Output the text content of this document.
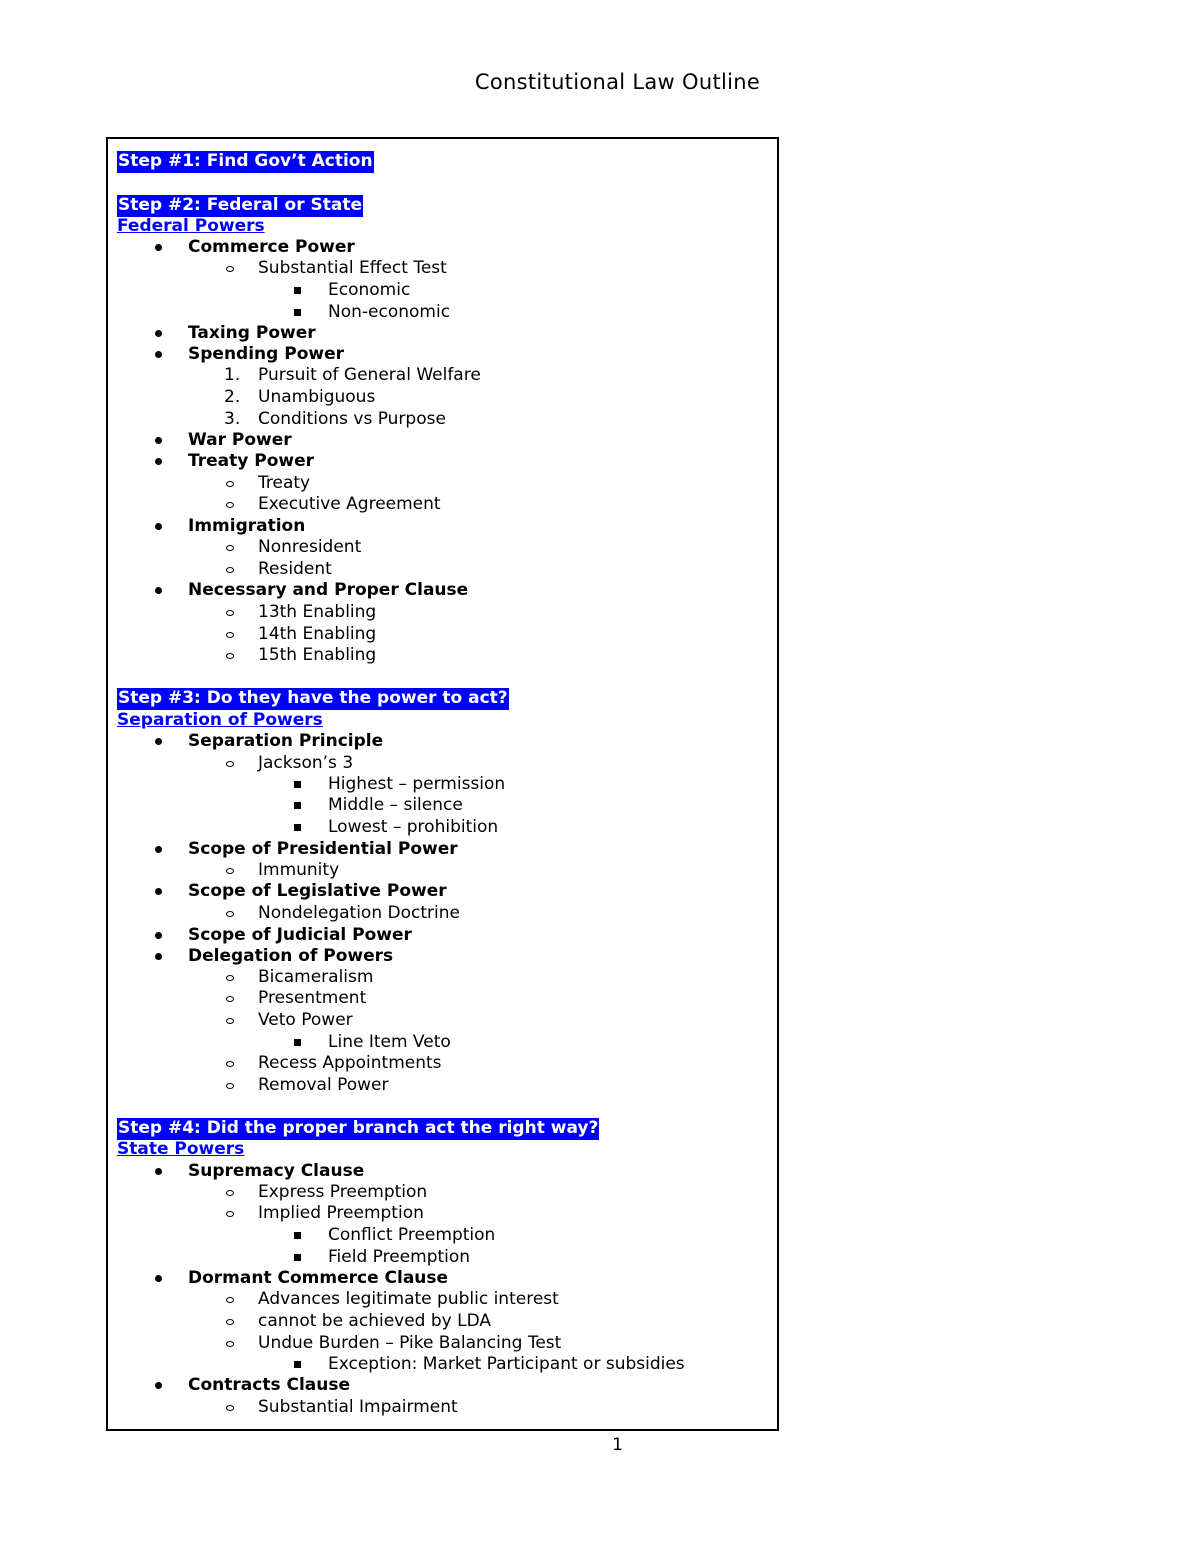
Constitutional Law Outline
Step #1: Find Gov’t Action
Step #2: Federal or State
Federal Powers
Commerce Power
Substantial Effect Test
Economic
Non-economic
Taxing Power
Spending Power
1. Pursuit of General Welfare
2. Unambiguous
3. Conditions vs Purpose
War Power
Treaty Power
Treaty
Executive Agreement
Immigration
Nonresident
Resident
Necessary and Proper Clause
13th Enabling
14th Enabling
15th Enabling
Step #3: Do they have the power to act?
Separation of Powers
Separation Principle
Jackson’s 3
Highest – permission
Middle – silence
Lowest – prohibition
Scope of Presidential Power
Immunity
Scope of Legislative Power
Nondelegation Doctrine
Scope of Judicial Power
Delegation of Powers
Bicameralism
Presentment
Veto Power
Line Item Veto
Recess Appointments
Removal Power
Step #4: Did the proper branch act the right way?
State Powers
Supremacy Clause
Express Preemption
Implied Preemption
Conflict Preemption
Field Preemption
Dormant Commerce Clause
Advances legitimate public interest
cannot be achieved by LDA
Undue Burden – Pike Balancing Test
Exception: Market Participant or subsidies
Contracts Clause
Substantial Impairment
1
